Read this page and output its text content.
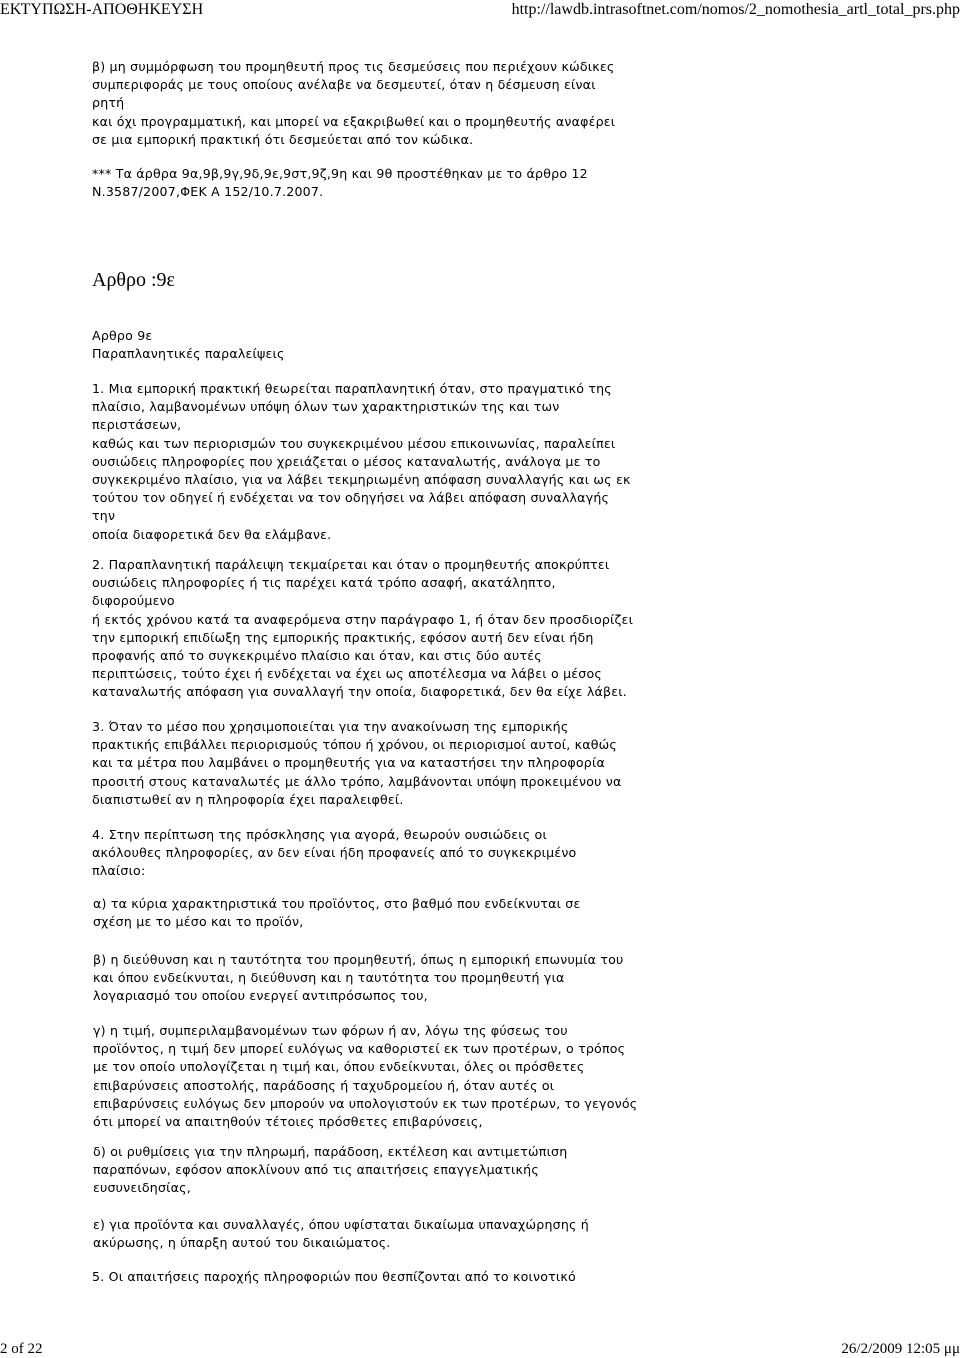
ΕΚΤΥΠΩΣΗ-ΑΠΟΘΗΚΕΥΣΗ	http://lawdb.intrasoftnet.com/nomos/2_nomothesia_artl_total_prs.php
β) μη συμμόρφωση του προμηθευτή προς τις δεσμεύσεις που περιέχουν κώδικες
συμπεριφοράς με τους οποίους ανέλαβε να δεσμευτεί, όταν η δέσμευση είναι
ρητή
και όχι προγραμματική, και μπορεί να εξακριβωθεί και ο προμηθευτής αναφέρει
σε μια εμπορική πρακτική ότι δεσμεύεται από τον κώδικα.
*** Τα άρθρα 9α,9β,9γ,9δ,9ε,9στ,9ζ,9η και 9θ προστέθηκαν με το άρθρο 12
Ν.3587/2007,ΦΕΚ Α 152/10.7.2007.
Αρθρο :9ε
Αρθρο 9ε
Παραπλανητικές παραλείψεις
1. Μια εμπορική πρακτική θεωρείται παραπλανητική όταν, στο πραγματικό της
πλαίσιο, λαμβανομένων υπόψη όλων των χαρακτηριστικών της και των
περιστάσεων,
καθώς και των περιορισμών του συγκεκριμένου μέσου επικοινωνίας, παραλείπει
ουσιώδεις πληροφορίες που χρειάζεται ο μέσος καταναλωτής, ανάλογα με το
συγκεκριμένο πλαίσιο, για να λάβει τεκμηριωμένη απόφαση συναλλαγής και ως εκ
τούτου τον οδηγεί ή ενδέχεται να τον οδηγήσει να λάβει απόφαση συναλλαγής
την
οποία διαφορετικά δεν θα ελάμβανε.
2. Παραπλανητική παράλειψη τεκμαίρεται και όταν ο προμηθευτής αποκρύπτει
ουσιώδεις πληροφορίες ή τις παρέχει κατά τρόπο ασαφή, ακατάληπτο,
διφορούμενο
ή εκτός χρόνου κατά τα αναφερόμενα στην παράγραφο 1, ή όταν δεν προσδιορίζει
την εμπορική επιδίωξη της εμπορικής πρακτικής, εφόσον αυτή δεν είναι ήδη
προφανής από το συγκεκριμένο πλαίσιο και όταν, και στις δύο αυτές
περιπτώσεις, τούτο έχει ή ενδέχεται να έχει ως αποτέλεσμα να λάβει ο μέσος
καταναλωτής απόφαση για συναλλαγή την οποία, διαφορετικά, δεν θα είχε λάβει.
3. Όταν το μέσο που χρησιμοποιείται για την ανακοίνωση της εμπορικής
πρακτικής επιβάλλει περιορισμούς τόπου ή χρόνου, οι περιορισμοί αυτοί, καθώς
και τα μέτρα που λαμβάνει ο προμηθευτής για να καταστήσει την πληροφορία
προσιτή στους καταναλωτές με άλλο τρόπο, λαμβάνονται υπόψη προκειμένου να
διαπιστωθεί αν η πληροφορία έχει παραλειφθεί.
4. Στην περίπτωση της πρόσκλησης για αγορά, θεωρούν ουσιώδεις οι
ακόλουθες πληροφορίες, αν δεν είναι ήδη προφανείς από το συγκεκριμένο
πλαίσιο:
α) τα κύρια χαρακτηριστικά του προϊόντος, στο βαθμό που ενδείκνυται σε
σχέση με το μέσο και το προϊόν,
β) η διεύθυνση και η ταυτότητα του προμηθευτή, όπως η εμπορική επωνυμία του
και όπου ενδείκνυται, η διεύθυνση και η ταυτότητα του προμηθευτή για
λογαριασμό του οποίου ενεργεί αντιπρόσωπος του,
γ) η τιμή, συμπεριλαμβανομένων των φόρων ή αν, λόγω της φύσεως του
προϊόντος, η τιμή δεν μπορεί ευλόγως να καθοριστεί εκ των προτέρων, ο τρόπος
με τον οποίο υπολογίζεται η τιμή και, όπου ενδείκνυται, όλες οι πρόσθετες
επιβαρύνσεις αποστολής, παράδοσης ή ταχυδρομείου ή, όταν αυτές οι
επιβαρύνσεις ευλόγως δεν μπορούν να υπολογιστούν εκ των προτέρων, το γεγονός
ότι μπορεί να απαιτηθούν τέτοιες πρόσθετες επιβαρύνσεις,
δ) οι ρυθμίσεις για την πληρωμή, παράδοση, εκτέλεση και αντιμετώπιση
παραπόνων, εφόσον αποκλίνουν από τις απαιτήσεις επαγγελματικής
ευσυνειδησίας,
ε) για προϊόντα και συναλλαγές, όπου υφίσταται δικαίωμα υπαναχώρησης ή
ακύρωσης, η ύπαρξη αυτού του δικαιώματος.
5. Οι απαιτήσεις παροχής πληροφοριών που θεσπίζονται από το κοινοτικό
2 of 22	26/2/2009 12:05 μμ
